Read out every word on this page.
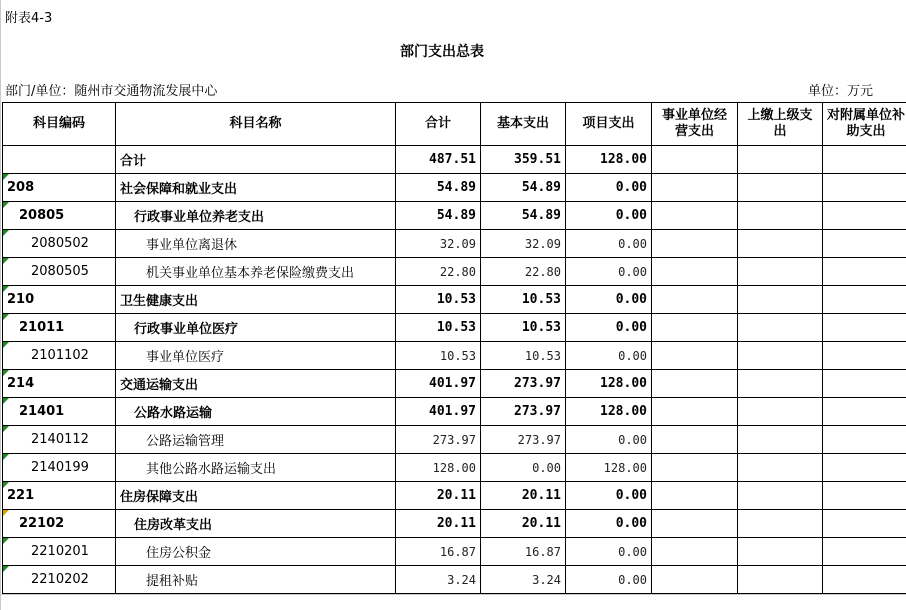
附表4-3
部门支出总表
部门/单位：随州市交通物流发展中心	单位：万元
科目编码	科目名称	合计	基本支出	项目支出	事业单位经营支出	上缴上级支出	对附属单位补助支出
	合计	487.51	359.51	128.00			

208	社会保障和就业支出	54.89	54.89	0.00			

20805	行政事业单位养老支出	54.89	54.89	0.00			

2080502	事业单位离退休	32.09	32.09	0.00			

2080505	机关事业单位基本养老保险缴费支出	22.80	22.80	0.00			

210	卫生健康支出	10.53	10.53	0.00			

21011	行政事业单位医疗	10.53	10.53	0.00			

2101102	事业单位医疗	10.53	10.53	0.00			

214	交通运输支出	401.97	273.97	128.00			

21401	公路水路运输	401.97	273.97	128.00			

2140112	公路运输管理	273.97	273.97	0.00			

2140199	其他公路水路运输支出	128.00	0.00	128.00			

221	住房保障支出	20.11	20.11	0.00			

22102	住房改革支出	20.11	20.11	0.00			

2210201	住房公积金	16.87	16.87	0.00			

2210202	提租补贴	3.24	3.24	0.00			
